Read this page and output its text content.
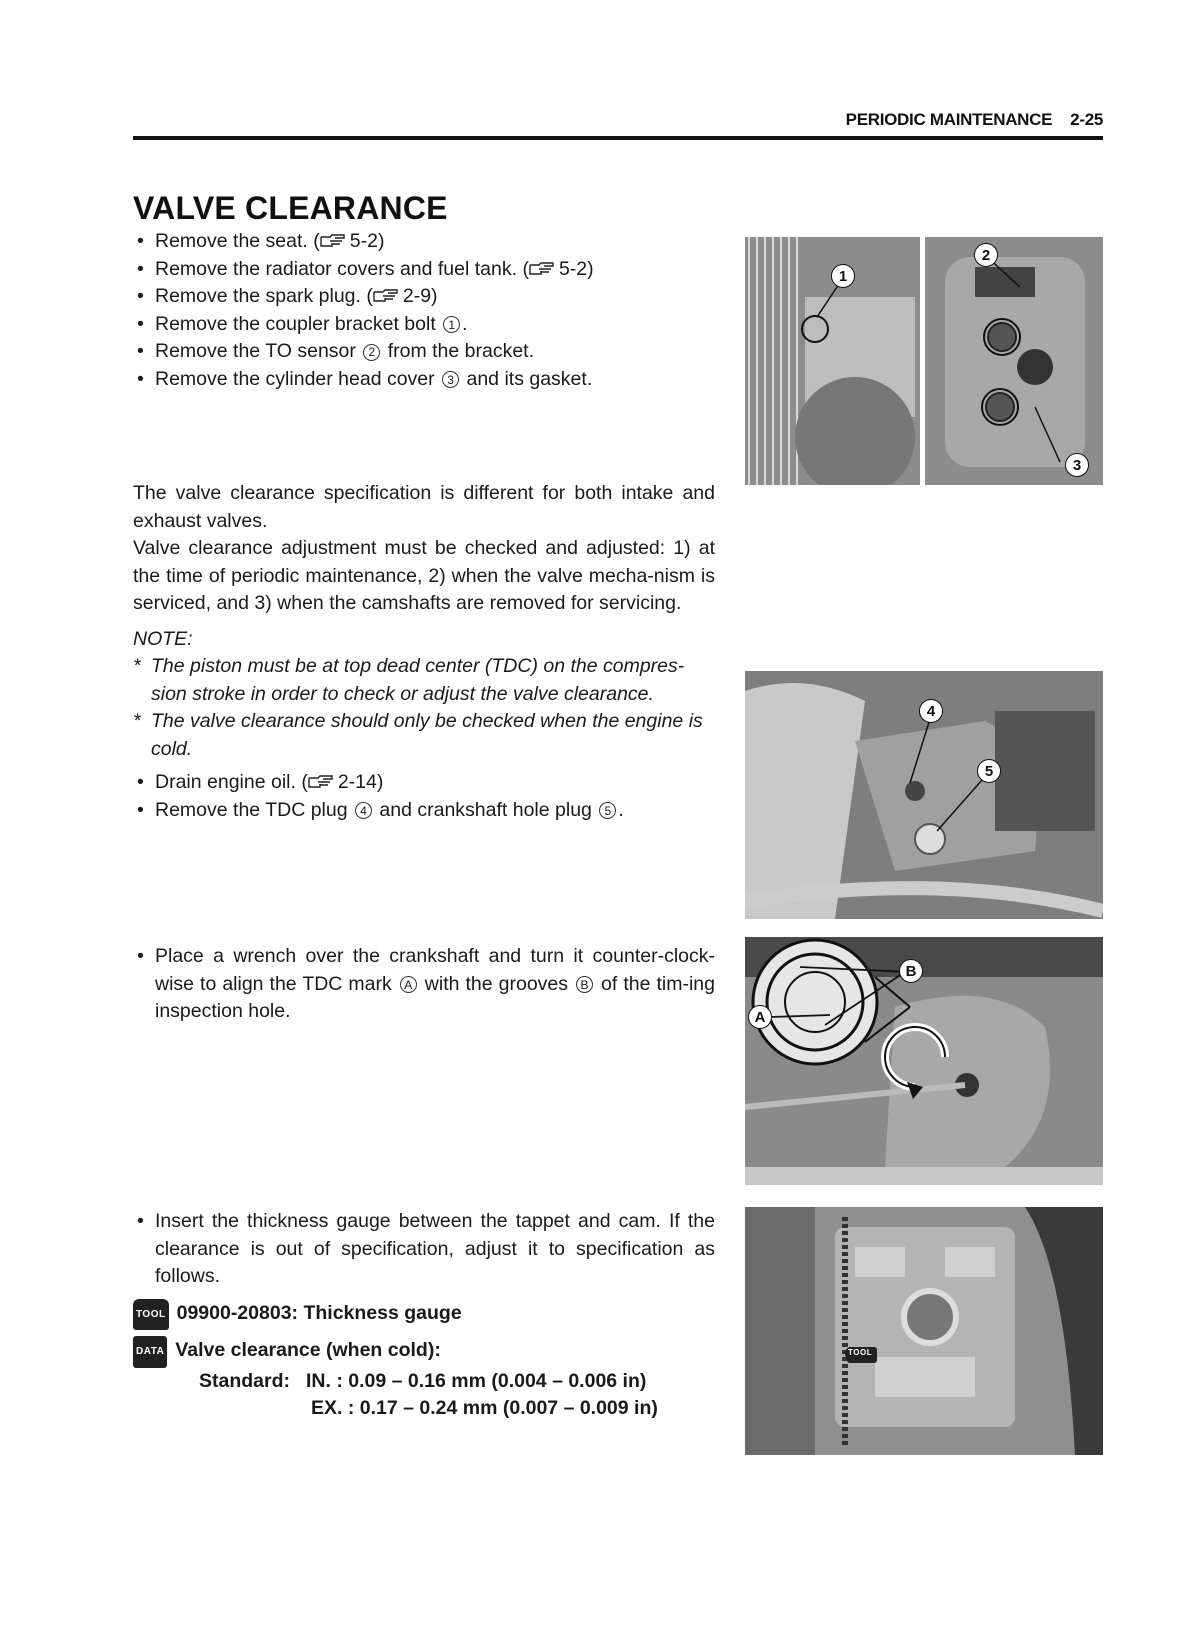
PERIODIC MAINTENANCE 2-25
VALVE CLEARANCE
• Remove the seat. ( 5-2)
• Remove the radiator covers and fuel tank. ( 5-2)
• Remove the spark plug. ( 2-9)
• Remove the coupler bracket bolt 1 .
• Remove the TO sensor 2 from the bracket.
• Remove the cylinder head cover 3 and its gasket.

The valve clearance specification is different for both intake and exhaust valves.

Valve clearance adjustment must be checked and adjusted: 1) at the time of periodic maintenance, 2) when the valve mecha-nism is serviced, and 3) when the camshafts are removed for servicing.

NOTE:
* The piston must be at top dead center (TDC) on the compres-sion stroke in order to check or adjust the valve clearance.
* The valve clearance should only be checked when the engine is cold.
• Drain engine oil. ( 2-14)
• Remove the TDC plug 4 and crankshaft hole plug 5 .
• Place a wrench over the crankshaft and turn it counter-clock-wise to align the TDC mark A with the grooves B of the tim-ing inspection hole.
• Insert the thickness gauge between the tappet and cam. If the clearance is out of specification, adjust it to specification as follows.
TOOL 09900-20803: Thickness gauge
DATA Valve clearance (when cold):
Standard: IN. : 0.09 – 0.16 mm (0.004 – 0.006 in)
EX. : 0.17 – 0.24 mm (0.007 – 0.009 in)
1
2
3
4
5
B
A
TOOL
